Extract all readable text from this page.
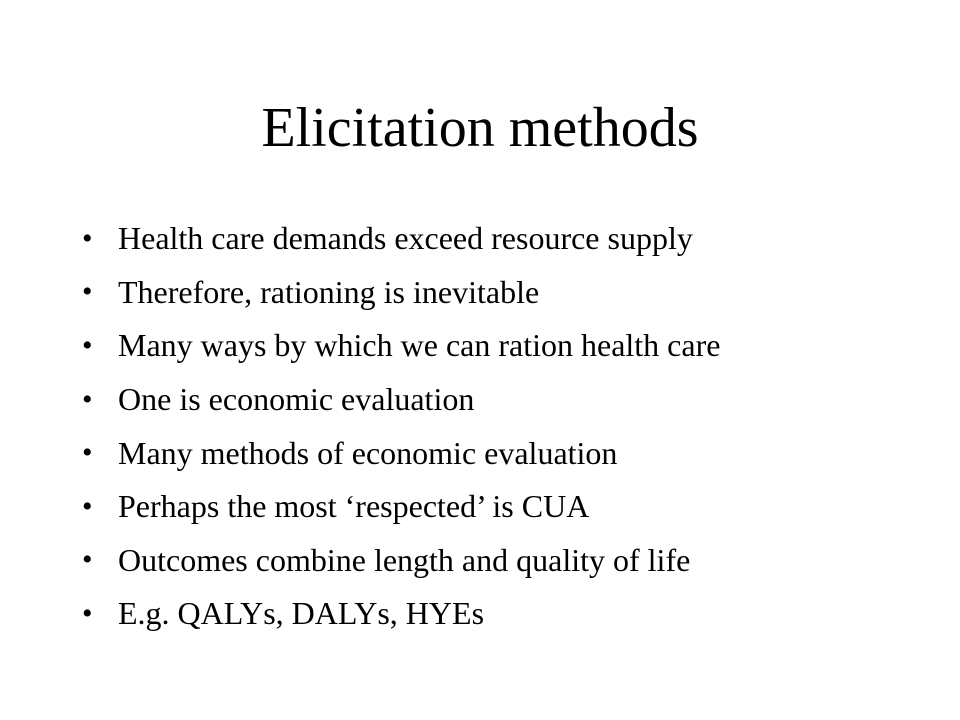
Elicitation methods
• Health care demands exceed resource supply
• Therefore, rationing is inevitable
• Many ways by which we can ration health care
• One is economic evaluation
• Many methods of economic evaluation
• Perhaps the most ‘respected’ is CUA
• Outcomes combine length and quality of life
• E.g. QALYs, DALYs, HYEs
